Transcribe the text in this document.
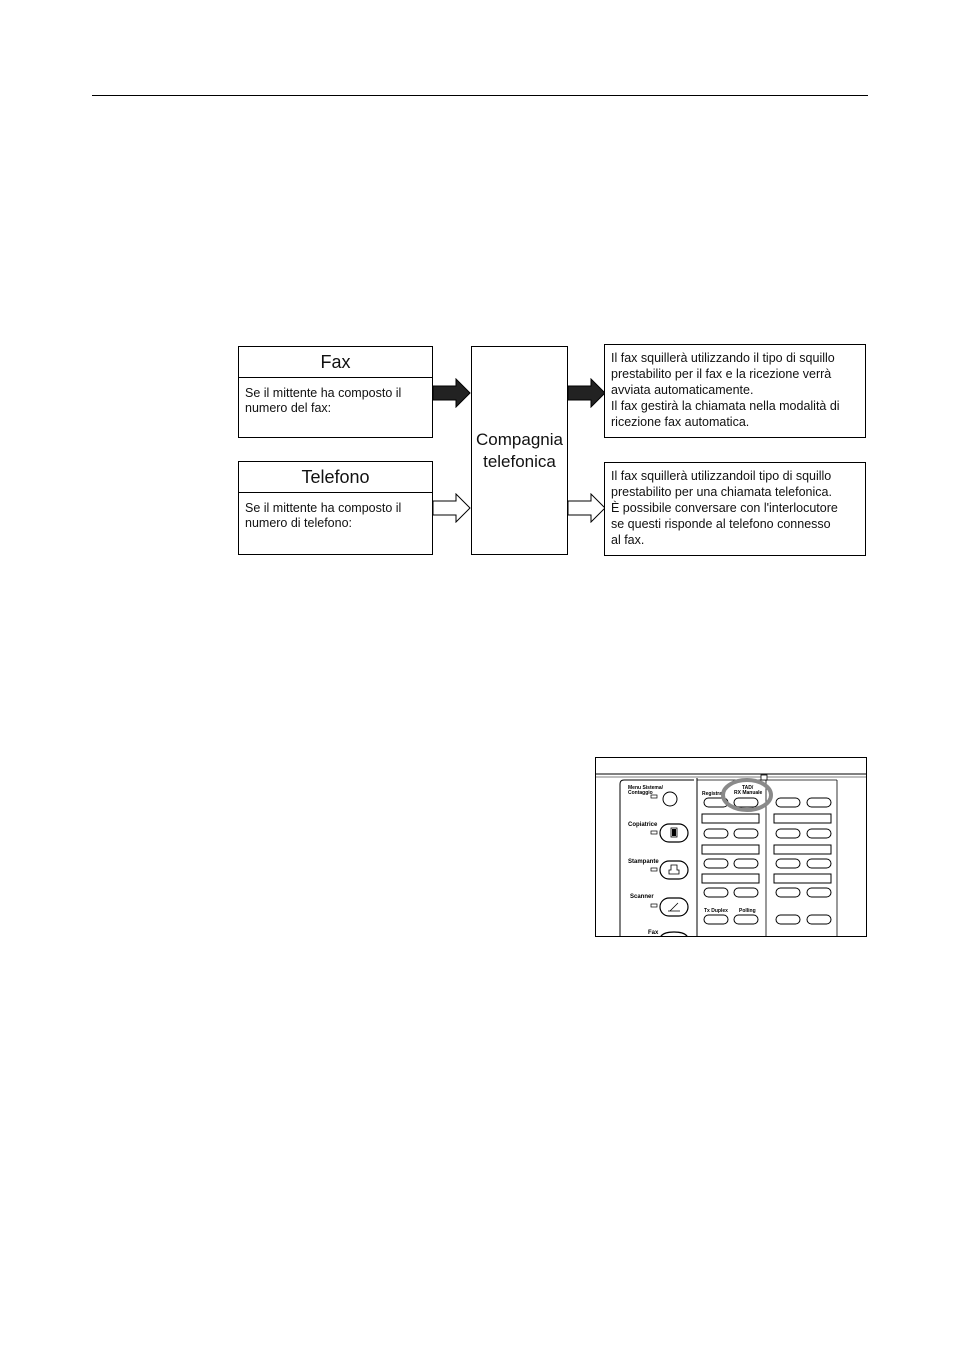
Fax
Se il mittente ha composto il numero del fax:
Telefono
Se il mittente ha composto il numero di telefono:
Compagnia
telefonica
Il fax squillerà utilizzando il tipo di squillo
prestabilito per il fax e la ricezione verrà
avviata automaticamente.
Il fax gestirà la chiamata nella modalità di
ricezione fax automatica.
Il fax squillerà utilizzandoil tipo di squillo
prestabilito per una chiamata telefonica.
È possibile conversare con l'interlocutore
se questi risponde al telefono connesso
al fax.
Menu Sistema/
Contaggio
Copiatrice
Stampante
Scanner
Fax
Registra
TAD/
RX Manuale
Tx Duplex Polling
